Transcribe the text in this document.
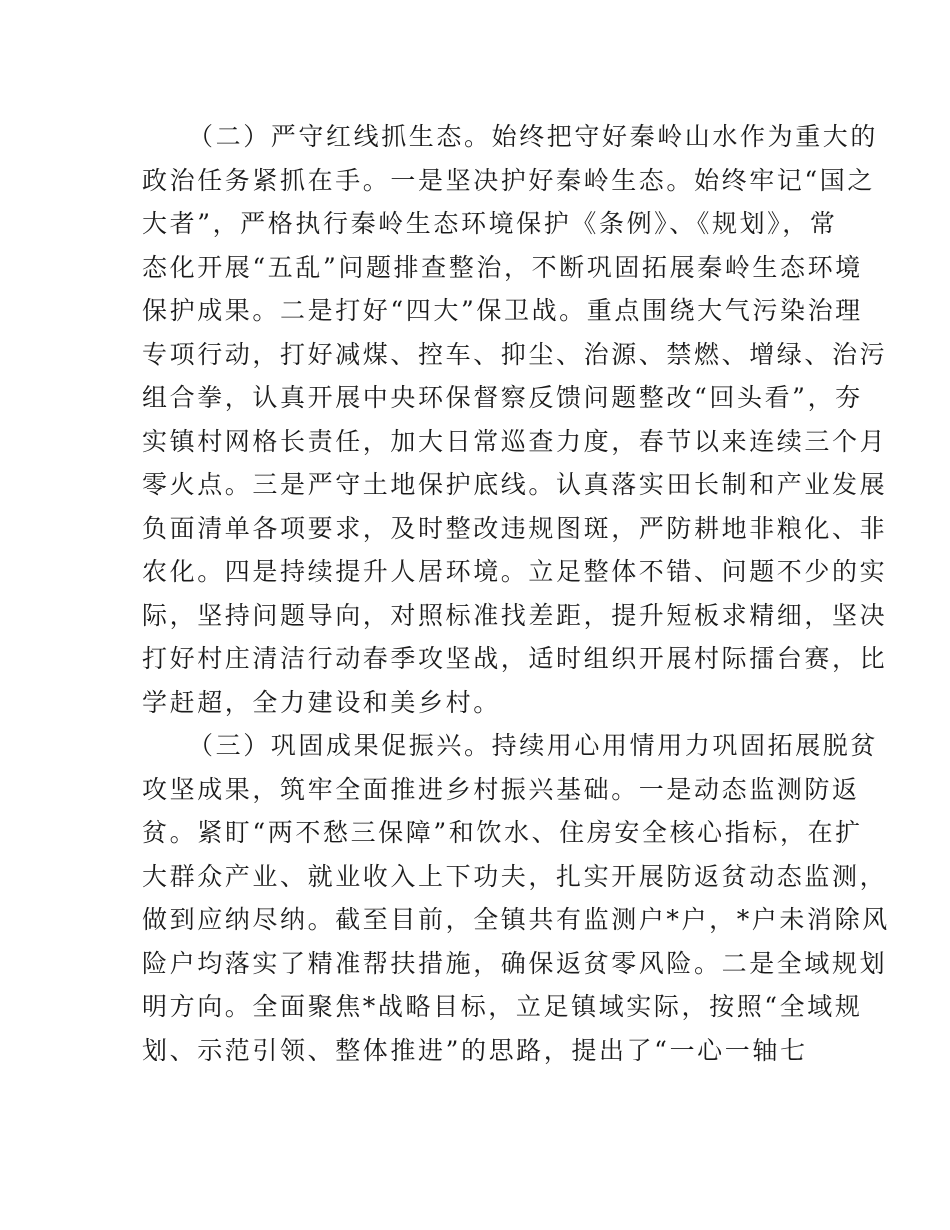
（二）严守红线抓生态。始终把守好秦岭山水作为重大的
政治任务紧抓在手。一是坚决护好秦岭生态。始终牢记“国之
大者”，严格执行秦岭生态环境保护《条例》、《规划》，常
态化开展“五乱”问题排查整治，不断巩固拓展秦岭生态环境
保护成果。二是打好“四大”保卫战。重点围绕大气污染治理
专项行动，打好减煤、控车、抑尘、治源、禁燃、增绿、治污
组合拳，认真开展中央环保督察反馈问题整改“回头看”，夯
实镇村网格长责任，加大日常巡查力度，春节以来连续三个月
零火点。三是严守土地保护底线。认真落实田长制和产业发展
负面清单各项要求，及时整改违规图斑，严防耕地非粮化、非
农化。四是持续提升人居环境。立足整体不错、问题不少的实
际，坚持问题导向，对照标准找差距，提升短板求精细，坚决
打好村庄清洁行动春季攻坚战，适时组织开展村际擂台赛，比
学赶超，全力建设和美乡村。
（三）巩固成果促振兴。持续用心用情用力巩固拓展脱贫
攻坚成果，筑牢全面推进乡村振兴基础。一是动态监测防返
贫。紧盯“两不愁三保障”和饮水、住房安全核心指标，在扩
大群众产业、就业收入上下功夫，扎实开展防返贫动态监测，
做到应纳尽纳。截至目前，全镇共有监测户*户，*户未消除风
险户均落实了精准帮扶措施，确保返贫零风险。二是全域规划
明方向。全面聚焦*战略目标，立足镇域实际，按照“全域规
划、示范引领、整体推进”的思路，提出了“一心一轴七
